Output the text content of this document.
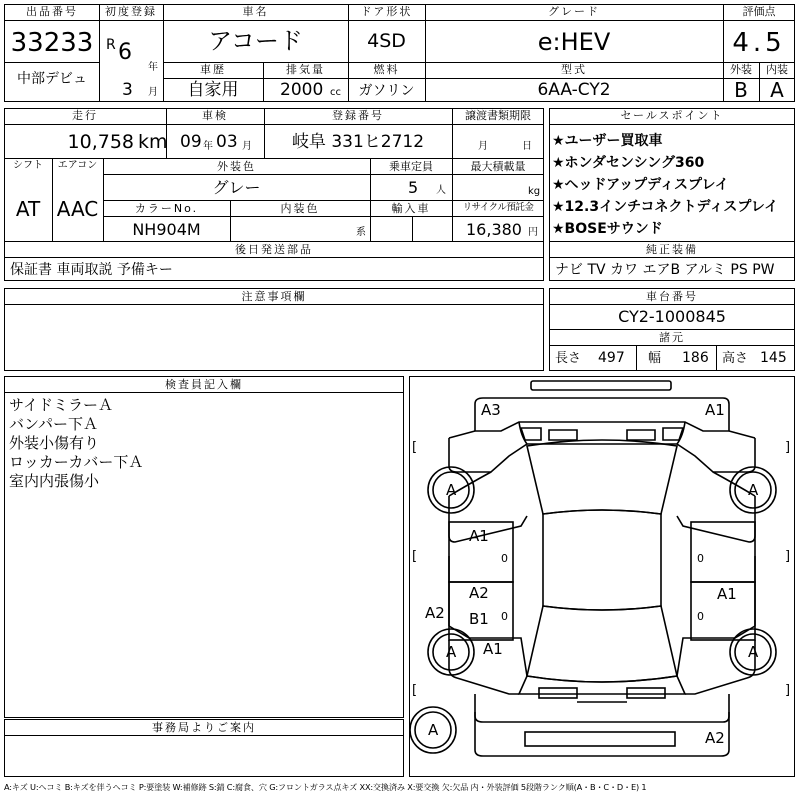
出品番号
33233
中部デビュ
初度登録
R 6
年
3 月
車名
アコード
ドア形状
4SD
グレード
e:HEV
評価点
4.5
車歴
自家用
排気量
2000 cc
燃料
ガソリン
型式
6AA-CY2
外装	内装
B	A
走行
10,758 km
車検
09 年 03 月
登録番号
岐阜 331ヒ2712
譲渡書類期限
月	日
シフト
AT
エアコン
AAC
外装色
グレー
乗車定員
5 人
最大積載量
kg
カラーNo.
NH904M
内装色
系
輸入車	リサイクル預託金
16,380 円
後日発送部品
保証書 車両取説 予備キー
セールスポイント
★ユーザー買取車
★ホンダセンシング360
★ヘッドアップディスプレイ
★12.3インチコネクトディスプレイ
★BOSEサウンド
純正装備
ナビ TV カワ エアB アルミ PS PW
注意事項欄	車台番号
CY2-1000845
諸元
長さ 497 幅 186 高さ 145
検査員記入欄
サイドミラーＡ
バンパー下Ａ
外装小傷有り
ロッカーカバー下Ａ
室内内張傷小
事務局よりご案内
A3	A1
A1
A2
B1
A2
A1
A1
A2
A	A
A	A
A
0
0
0
0
[	]
[	]
[	]
A:キズ U:ヘコミ B:キズを伴うヘコミ P:要塗装 W:補修跡 S:錆 C:腐食、穴 G:フロントガラス点キズ XX:交換済み X:要交換 欠:欠品 内・外装評価 5段階ランク順(A・B・C・D・E) 1
